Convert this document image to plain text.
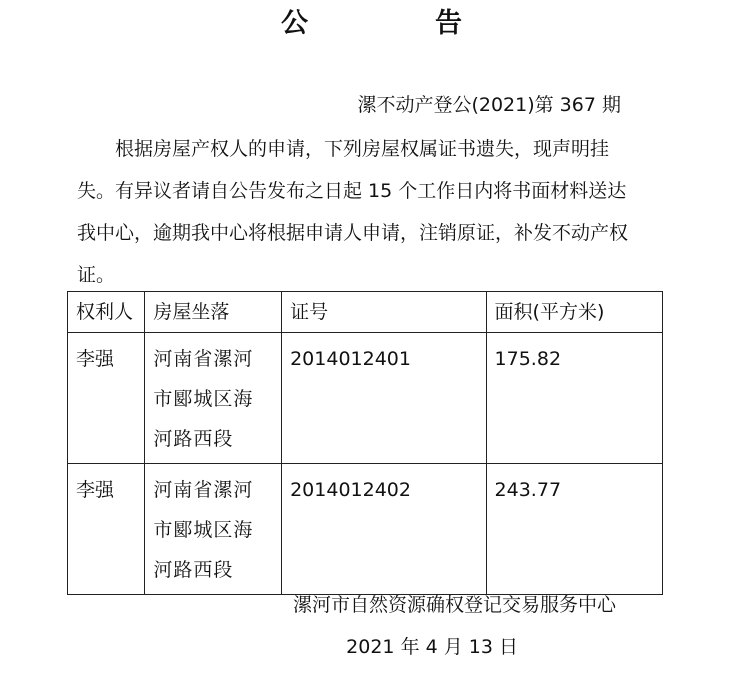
公　告
漯不动产登公(2021)第 367 期

根据房屋产权人的申请，下列房屋权属证书遗失，现声明挂失。有异议者请自公告发布之日起 15 个工作日内将书面材料送达我中心，逾期我中心将根据申请人申请，注销原证，补发不动产权证。

权利人	房屋坐落	证号	面积(平方米)
李强	河南省漯河市郾城区海河路西段	2014012401	175.82
李强	河南省漯河市郾城区海河路西段	2014012402	243.77
漯河市自然资源确权登记交易服务中心
2021 年 4 月 13 日
